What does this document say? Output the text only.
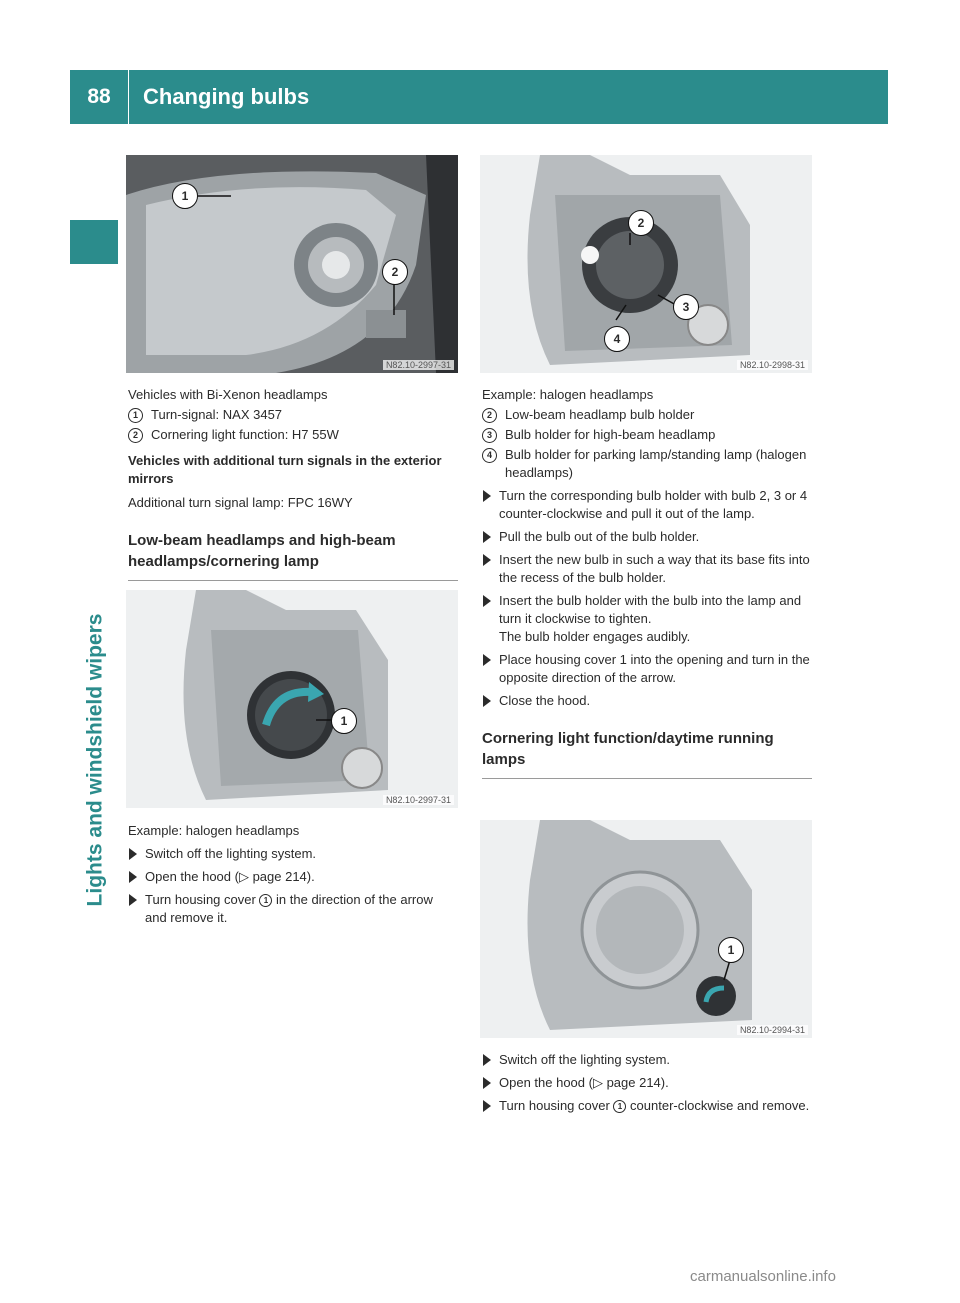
88	Changing bulbs
Lights and windshield wipers
1
2
N82.10-2997-31
2
3
4
N82.10-2998-31
1
N82.10-2997-31
1
N82.10-2994-31
Vehicles with Bi-Xenon headlamps
1	Turn-signal: NAX 3457
2	Cornering light function: H7 55W
Vehicles with additional turn signals in the exterior mirrors
Additional turn signal lamp: FPC 16WY
Low-beam headlamps and high-beam headlamps/cornering lamp
Example: halogen headlamps
Switch off the lighting system.
Open the hood (▷ page 214).
Turn housing cover 1 in the direction of the arrow and remove it.
Example: halogen headlamps
2	Low-beam headlamp bulb holder
3	Bulb holder for high-beam headlamp
4	Bulb holder for parking lamp/standing lamp (halogen headlamps)
Turn the corresponding bulb holder with bulb 2, 3 or 4 counter-clockwise and pull it out of the lamp.
Pull the bulb out of the bulb holder.
Insert the new bulb in such a way that its base fits into the recess of the bulb holder.
Insert the bulb holder with the bulb into the lamp and turn it clockwise to tighten.
The bulb holder engages audibly.
Place housing cover 1 into the opening and turn in the opposite direction of the arrow.
Close the hood.
Cornering light function/daytime running lamps
Switch off the lighting system.
Open the hood (▷ page 214).
Turn housing cover 1 counter-clockwise and remove.
carmanualsonline.info
